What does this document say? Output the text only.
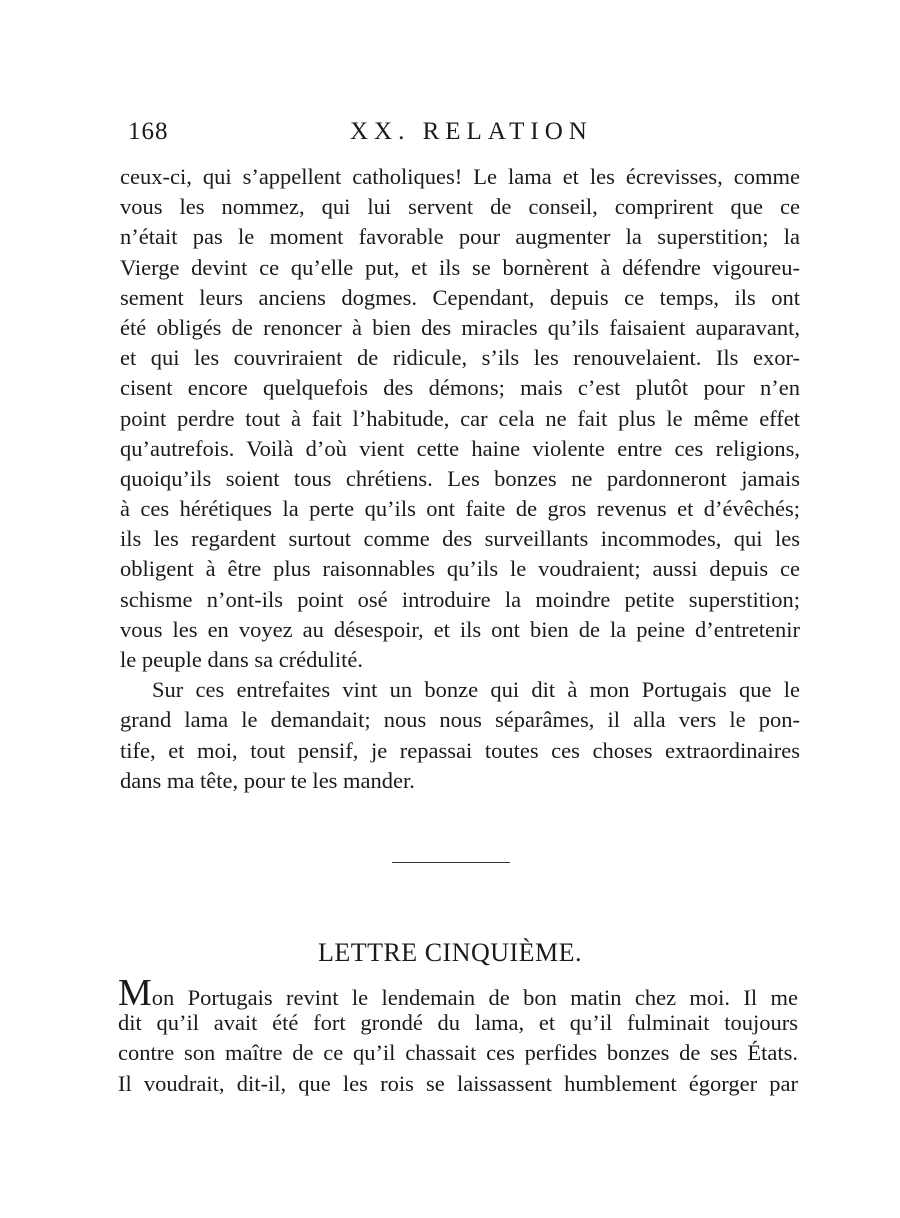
168	XX. RELATION
ceux-ci, qui s’appellent catholiques! Le lama et les écrevisses, comme
vous les nommez, qui lui servent de conseil, comprirent que ce
n’était pas le moment favorable pour augmenter la superstition; la
Vierge devint ce qu’elle put, et ils se bornèrent à défendre vigoureu-
sement leurs anciens dogmes. Cependant, depuis ce temps, ils ont
été obligés de renoncer à bien des miracles qu’ils faisaient auparavant,
et qui les couvriraient de ridicule, s’ils les renouvelaient. Ils exor-
cisent encore quelquefois des démons; mais c’est plutôt pour n’en
point perdre tout à fait l’habitude, car cela ne fait plus le même effet
qu’autrefois. Voilà d’où vient cette haine violente entre ces religions,
quoiqu’ils soient tous chrétiens. Les bonzes ne pardonneront jamais
à ces hérétiques la perte qu’ils ont faite de gros revenus et d’évêchés;
ils les regardent surtout comme des surveillants incommodes, qui les
obligent à être plus raisonnables qu’ils le voudraient; aussi depuis ce
schisme n’ont-ils point osé introduire la moindre petite superstition;
vous les en voyez au désespoir, et ils ont bien de la peine d’entretenir
le peuple dans sa crédulité.
Sur ces entrefaites vint un bonze qui dit à mon Portugais que le
grand lama le demandait; nous nous séparâmes, il alla vers le pon-
tife, et moi, tout pensif, je repassai toutes ces choses extraordinaires
dans ma tête, pour te les mander.
LETTRE CINQUIÈME.
Mon Portugais revint le lendemain de bon matin chez moi. Il me
dit qu’il avait été fort grondé du lama, et qu’il fulminait toujours
contre son maître de ce qu’il chassait ces perfides bonzes de ses États.
Il voudrait, dit-il, que les rois se laissassent humblement égorger par
